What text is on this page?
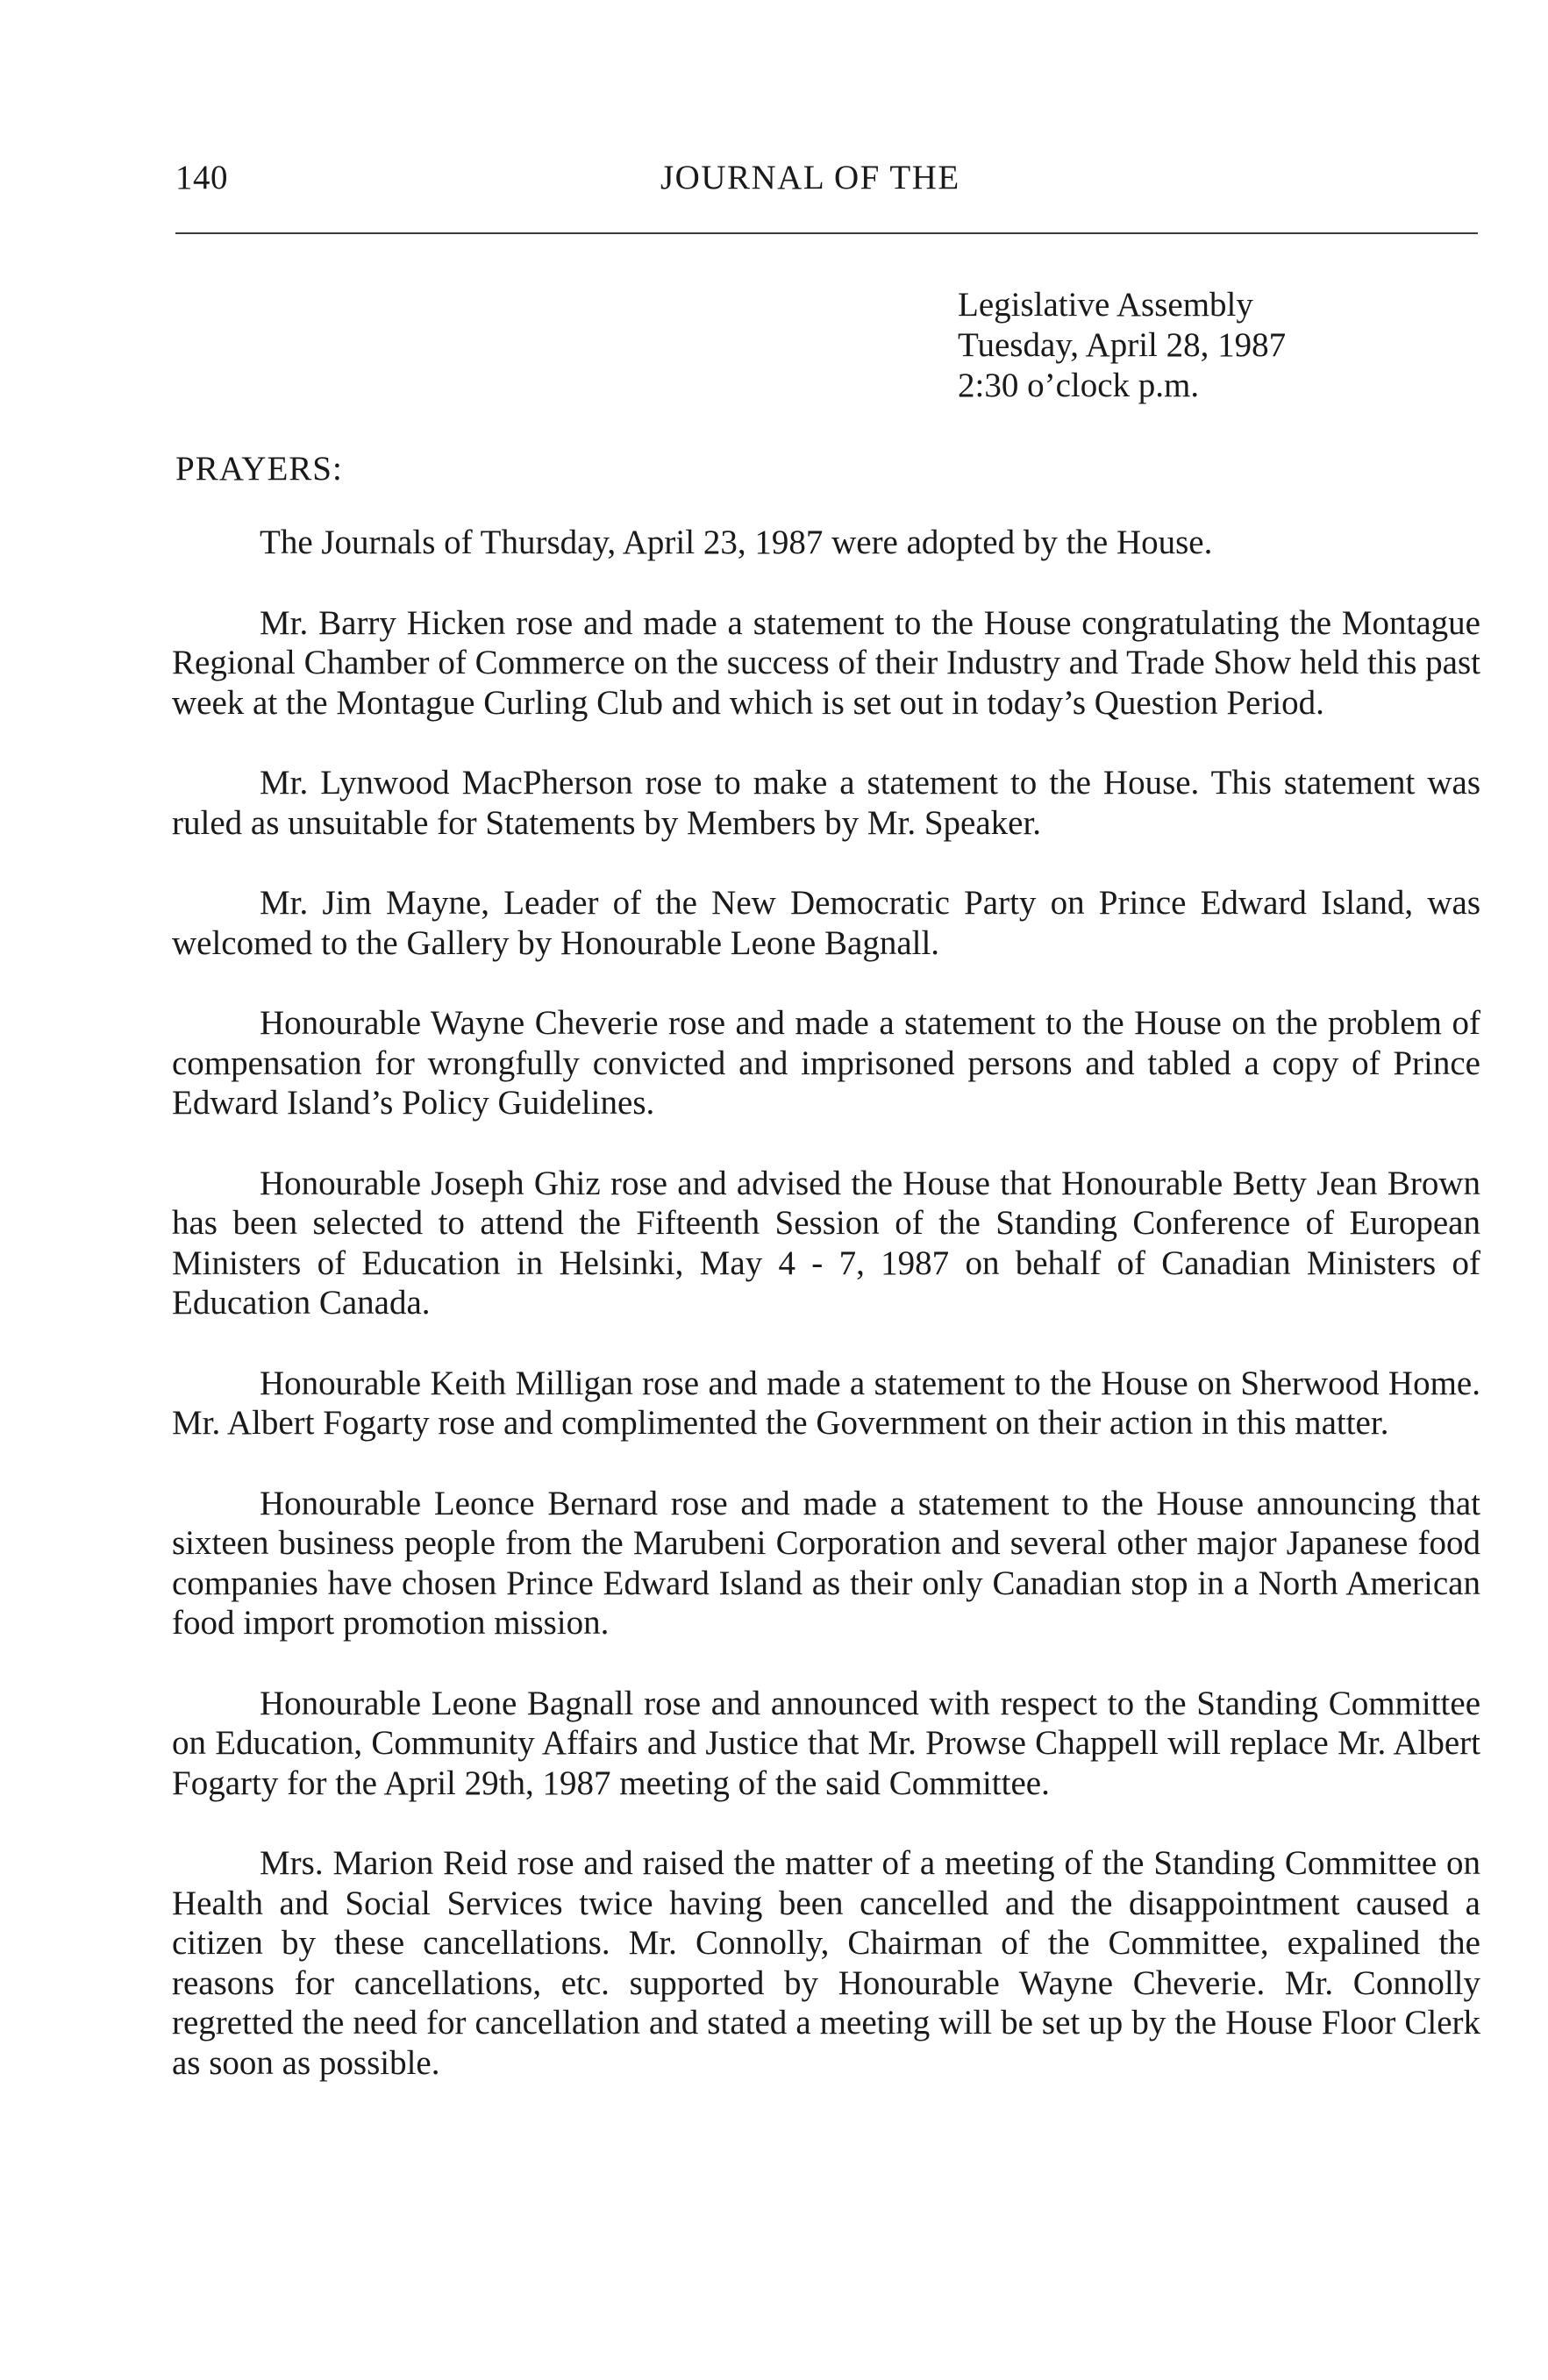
140	JOURNAL OF THE
Legislative Assembly
Tuesday, April 28, 1987
2:30 o’clock p.m.
PRAYERS:

The Journals of Thursday, April 23, 1987 were adopted by the House.

Mr. Barry Hicken rose and made a statement to the House congratulating the Montague Regional Chamber of Commerce on the success of their Industry and Trade Show held this past week at the Montague Curling Club and which is set out in today’s Question Period.

Mr. Lynwood MacPherson rose to make a statement to the House. This statement was ruled as unsuitable for Statements by Members by Mr. Speaker.

Mr. Jim Mayne, Leader of the New Democratic Party on Prince Edward Island, was welcomed to the Gallery by Honourable Leone Bagnall.

Honourable Wayne Cheverie rose and made a statement to the House on the problem of compensation for wrongfully convicted and imprisoned persons and tabled a copy of Prince Edward Island’s Policy Guidelines.

Honourable Joseph Ghiz rose and advised the House that Honourable Betty Jean Brown has been selected to attend the Fifteenth Session of the Standing Conference of European Ministers of Education in Helsinki, May 4 - 7, 1987 on behalf of Canadian Ministers of Education Canada.

Honourable Keith Milligan rose and made a statement to the House on Sherwood Home. Mr. Albert Fogarty rose and complimented the Government on their action in this matter.

Honourable Leonce Bernard rose and made a statement to the House announcing that sixteen business people from the Marubeni Corporation and several other major Japanese food companies have chosen Prince Edward Island as their only Canadian stop in a North American food import promotion mission.

Honourable Leone Bagnall rose and announced with respect to the Standing Committee on Education, Community Affairs and Justice that Mr. Prowse Chappell will replace Mr. Albert Fogarty for the April 29th, 1987 meeting of the said Committee.

Mrs. Marion Reid rose and raised the matter of a meeting of the Standing Committee on Health and Social Services twice having been cancelled and the disappointment caused a citizen by these cancellations. Mr. Connolly, Chairman of the Committee, expalined the reasons for cancellations, etc. supported by Honourable Wayne Cheverie. Mr. Connolly regretted the need for cancellation and stated a meeting will be set up by the House Floor Clerk as soon as possible.
